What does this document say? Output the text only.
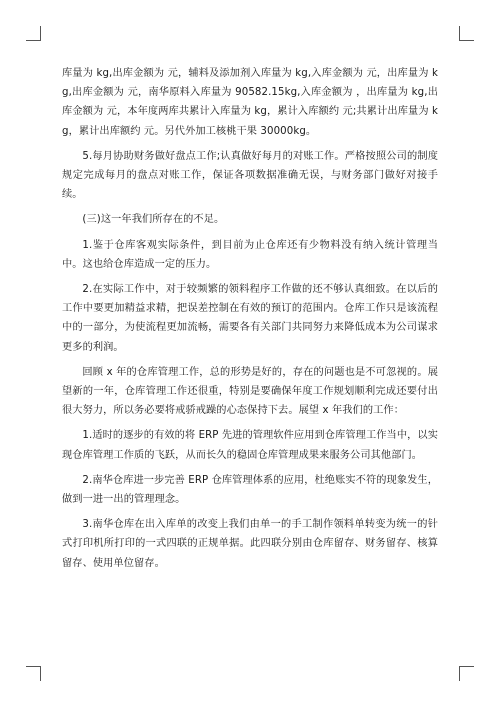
库量为 kg,出库金额为 元，辅料及添加剂入库量为 kg,入库金额为 元，出库量为 kg,出库金额为 元，南华原料入库量为 90582.15kg,入库金额为 ，出库量为 kg,出库金额为 元，本年度两库共累计入库量为 kg，累计入库额约 元;共累计出库量为 kg，累计出库额约 元。另代外加工核桃干果 30000kg。

5.每月协助财务做好盘点工作;认真做好每月的对账工作。严格按照公司的制度规定完成每月的盘点对账工作，保证各项数据准确无误，与财务部门做好对接手续。

(三)这一年我们所存在的不足。

1.鉴于仓库客观实际条件，到目前为止仓库还有少物料没有纳入统计管理当中。这也给仓库造成一定的压力。

2.在实际工作中，对于较频繁的领料程序工作做的还不够认真细致。在以后的工作中要更加精益求精，把误差控制在有效的预订的范围内。仓库工作只是该流程中的一部分，为使流程更加流畅，需要各有关部门共同努力来降低成本为公司谋求更多的利润。

回顾 x 年的仓库管理工作，总的形势是好的，存在的问题也是不可忽视的。展望新的一年，仓库管理工作还很重，特别是要确保年度工作规划顺利完成还要付出很大努力，所以务必要将戒骄戒躁的心态保持下去。展望 x 年我们的工作：

1.适时的逐步的有效的将 ERP 先进的管理软件应用到仓库管理工作当中，以实现仓库管理工作质的飞跃，从而长久的稳固仓库管理成果来服务公司其他部门。

2.南华仓库进一步完善 ERP 仓库管理体系的应用，杜绝账实不符的现象发生，做到一进一出的管理理念。

3.南华仓库在出入库单的改变上我们由单一的手工制作领料单转变为统一的针式打印机所打印的一式四联的正规单据。此四联分别由仓库留存、财务留存、核算留存、使用单位留存。
